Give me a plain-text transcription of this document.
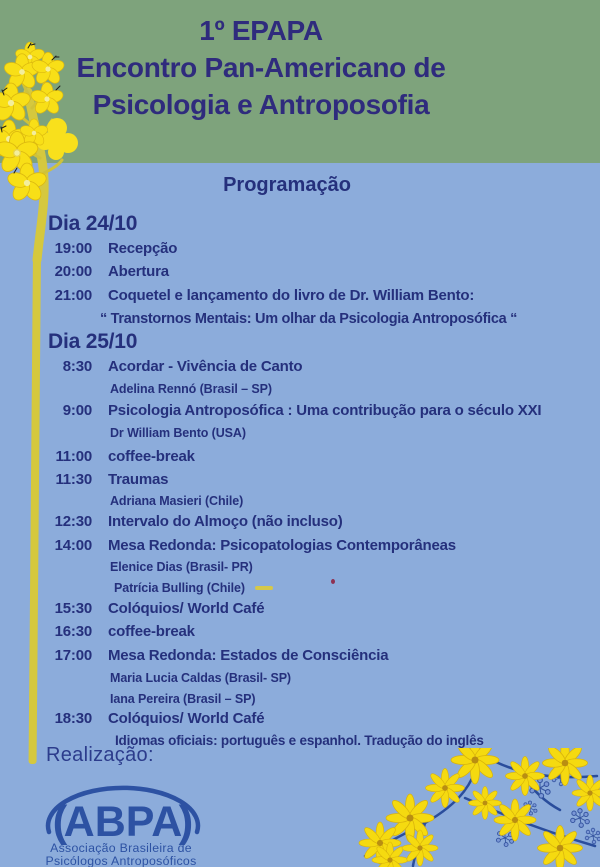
1º EPAPA
Encontro Pan-Americano de
Psicologia e Antroposofia
Programação
Dia 24/10
19:00 Recepção
20:00 Abertura
21:00 Coquetel e lançamento do livro de Dr. William Bento:
“ Transtornos Mentais: Um olhar da Psicologia Antroposófica “
Dia 25/10
8:30 Acordar - Vivência de Canto
Adelina Rennó (Brasil – SP)
9:00 Psicologia Antroposófica : Uma contribução para o século XXI
Dr William Bento (USA)
11:00 coffee-break
11:30 Traumas
Adriana Masieri (Chile)
12:30 Intervalo do Almoço (não incluso)
14:00 Mesa Redonda: Psicopatologias Contemporâneas
Elenice Dias (Brasil- PR)
Patrícia Bulling (Chile)
15:30 Colóquios/ World Café
16:30 coffee-break
17:00 Mesa Redonda: Estados de Consciência
Maria Lucia Caldas (Brasil- SP)
Iana Pereira (Brasil – SP)
18:30 Colóquios/ World Café
Idiomas oficiais: português e espanhol. Tradução do inglês
Realização:
(
ABPA
)
Associação Brasileira de
Psicólogos Antroposóficos
